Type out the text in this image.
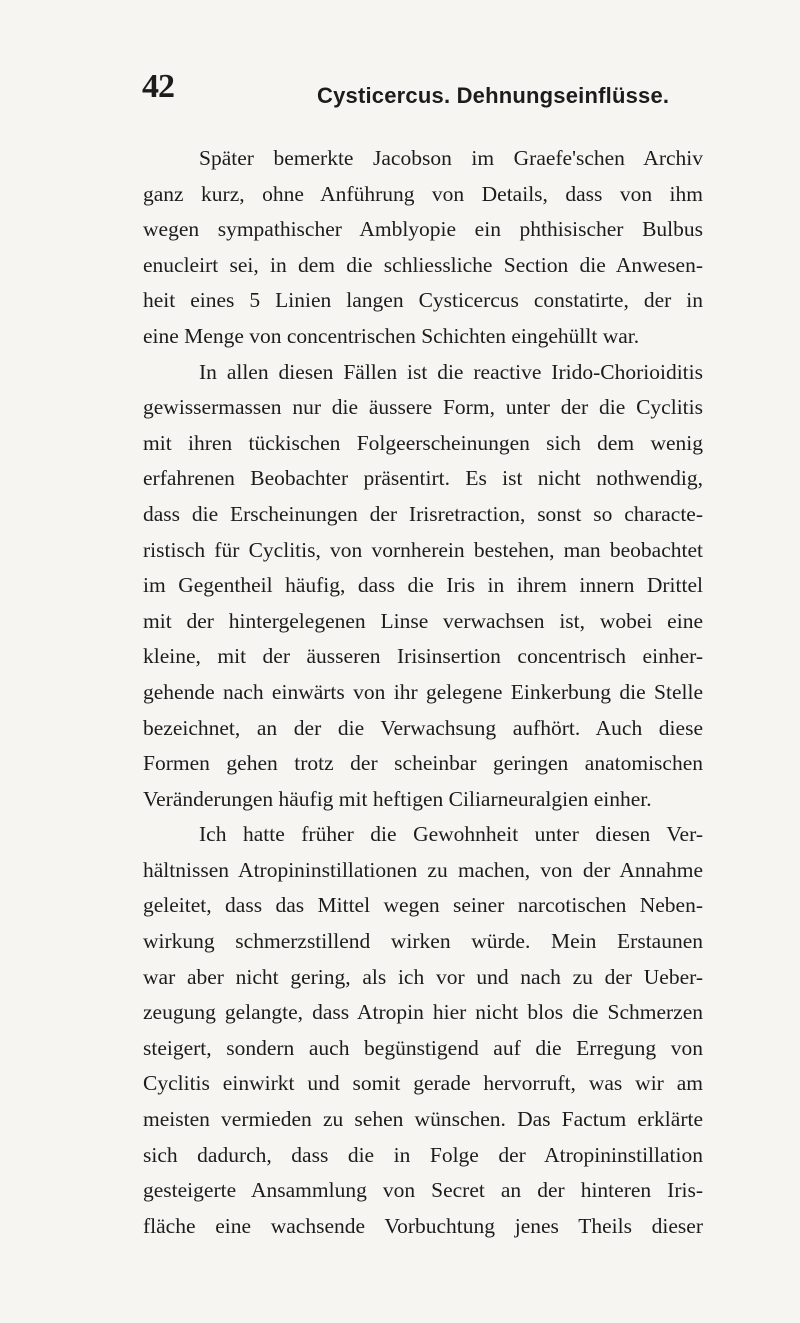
42	Cysticercus. Dehnungseinflüsse.
Später bemerkte Jacobson im Graefe'schen Archiv
ganz kurz, ohne Anführung von Details, dass von ihm
wegen sympathischer Amblyopie ein phthisischer Bulbus
enucleirt sei, in dem die schliessliche Section die Anwesen-
heit eines 5 Linien langen Cysticercus constatirte, der in
eine Menge von concentrischen Schichten eingehüllt war.
In allen diesen Fällen ist die reactive Irido-Chorioiditis
gewissermassen nur die äussere Form, unter der die Cyclitis
mit ihren tückischen Folgeerscheinungen sich dem wenig
erfahrenen Beobachter präsentirt. Es ist nicht nothwendig,
dass die Erscheinungen der Irisretraction, sonst so characte-
ristisch für Cyclitis, von vornherein bestehen, man beobachtet
im Gegentheil häufig, dass die Iris in ihrem innern Drittel
mit der hintergelegenen Linse verwachsen ist, wobei eine
kleine, mit der äusseren Irisinsertion concentrisch einher-
gehende nach einwärts von ihr gelegene Einkerbung die Stelle
bezeichnet, an der die Verwachsung aufhört. Auch diese
Formen gehen trotz der scheinbar geringen anatomischen
Veränderungen häufig mit heftigen Ciliarneuralgien einher.
Ich hatte früher die Gewohnheit unter diesen Ver-
hältnissen Atropininstillationen zu machen, von der Annahme
geleitet, dass das Mittel wegen seiner narcotischen Neben-
wirkung schmerzstillend wirken würde. Mein Erstaunen
war aber nicht gering, als ich vor und nach zu der Ueber-
zeugung gelangte, dass Atropin hier nicht blos die Schmerzen
steigert, sondern auch begünstigend auf die Erregung von
Cyclitis einwirkt und somit gerade hervorruft, was wir am
meisten vermieden zu sehen wünschen. Das Factum erklärte
sich dadurch, dass die in Folge der Atropininstillation
gesteigerte Ansammlung von Secret an der hinteren Iris-
fläche eine wachsende Vorbuchtung jenes Theils dieser
